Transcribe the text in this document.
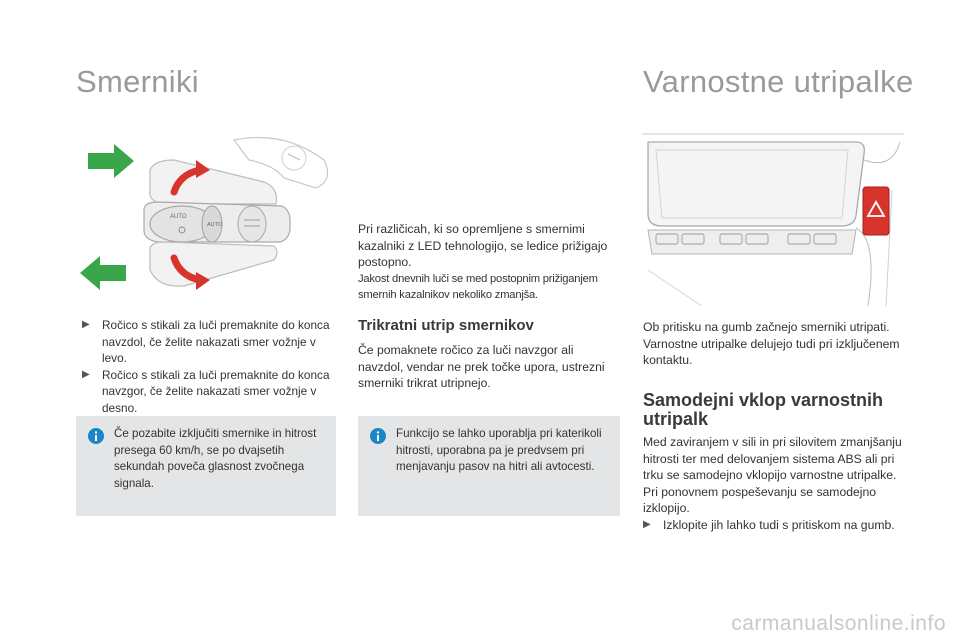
Smerniki
AUTO
AUTO
▶ Ročico s stikali za luči premaknite do konca navzdol, če želite nakazati smer vožnje v levo.
▶ Ročico s stikali za luči premaknite do konca navzgor, če želite nakazati smer vožnje v desno.
Če pozabite izključiti smernike in hitrost presega 60 km/h, se po dvajsetih sekundah poveča glasnost zvočnega signala.

Pri različicah, ki so opremljene s smernimi kazalniki z LED tehnologijo, se ledice prižigajo postopno.

Jakost dnevnih luči se med postopnim prižiganjem smernih kazalnikov nekoliko zmanjša.

Trikratni utrip smernikov

Če pomaknete ročico za luči navzgor ali navzdol, vendar ne prek točke upora, ustrezni smerniki trikrat utripnejo.

Funkcijo se lahko uporablja pri katerikoli hitrosti, uporabna pa je predvsem pri menjavanju pasov na hitri ali avtocesti.
Varnostne utripalke

Ob pritisku na gumb začnejo smerniki utripati. Varnostne utripalke delujejo tudi pri izključenem kontaktu.

Samodejni vklop varnostnih utripalk

Med zaviranjem v sili in pri silovitem zmanjšanju hitrosti ter med delovanjem sistema ABS ali pri trku se samodejno vklopijo varnostne utripalke.

Pri ponovnem pospeševanju se samodejno izklopijo.

▶ Izklopite jih lahko tudi s pritiskom na gumb.
carmanualsonline.info
